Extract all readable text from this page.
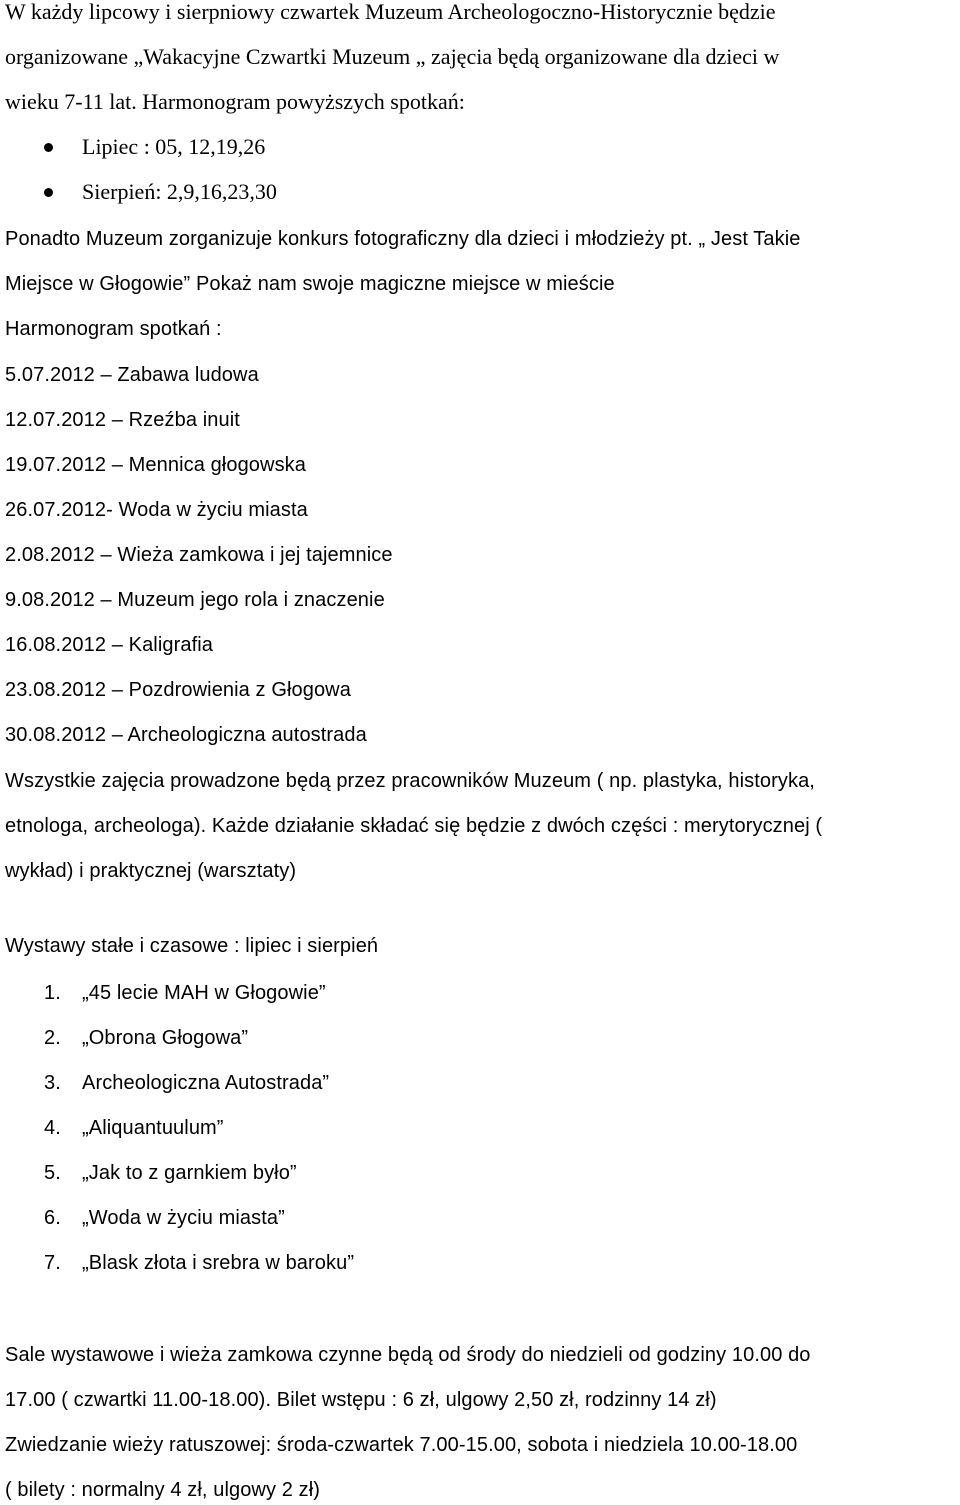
W każdy lipcowy i sierpniowy czwartek Muzeum Archeologoczno-Historycznie będzie
organizowane „Wakacyjne Czwartki Muzeum „ zajęcia będą organizowane dla dzieci w
wieku 7-11 lat. Harmonogram powyższych spotkań:
Lipiec : 05, 12,19,26
Sierpień: 2,9,16,23,30
Ponadto Muzeum zorganizuje konkurs fotograficzny dla dzieci i młodzieży pt. „ Jest Takie
Miejsce w Głogowie” Pokaż nam swoje magiczne miejsce w mieście
Harmonogram spotkań :
5.07.2012 – Zabawa ludowa
12.07.2012 – Rzeźba inuit
19.07.2012 – Mennica głogowska
26.07.2012- Woda w życiu miasta
2.08.2012 – Wieża zamkowa i jej tajemnice
9.08.2012 – Muzeum jego rola i znaczenie
16.08.2012 – Kaligrafia
23.08.2012 – Pozdrowienia z Głogowa
30.08.2012 – Archeologiczna autostrada
Wszystkie zajęcia prowadzone będą przez pracowników Muzeum ( np. plastyka, historyka,
etnologa, archeologa). Każde działanie składać się będzie z dwóch części : merytorycznej (
wykład) i praktycznej (warsztaty)
Wystawy stałe i czasowe : lipiec i sierpień
1. „45 lecie MAH w Głogowie”
2. „Obrona Głogowa”
3. Archeologiczna Autostrada”
4. „Aliquantuulum”
5. „Jak to z garnkiem było”
6. „Woda w życiu miasta”
7. „Blask złota i srebra w baroku”
Sale wystawowe i wieża zamkowa czynne będą od środy do niedzieli od godziny 10.00 do
17.00 ( czwartki 11.00-18.00). Bilet wstępu : 6 zł, ulgowy 2,50 zł, rodzinny 14 zł)
Zwiedzanie wieży ratuszowej: środa-czwartek 7.00-15.00, sobota i niedziela 10.00-18.00
( bilety : normalny 4 zł, ulgowy 2 zł)
